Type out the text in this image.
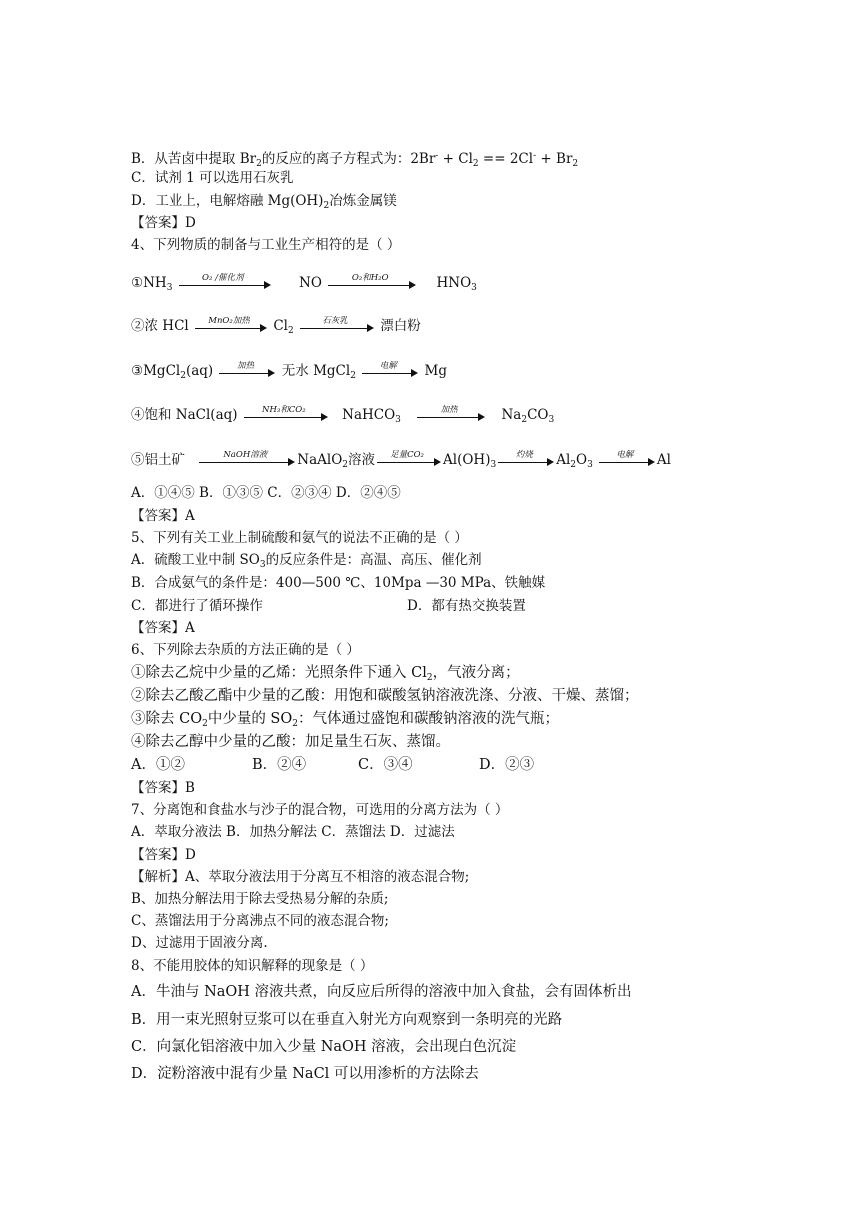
B．从苦卤中提取 $Br_2$的反应的离子方程式为：$2Br^- + Cl_2 == 2Cl^- + Br_2$
C．试剂 1 可以选用石灰乳
D．工业上，电解熔融 $Mg(OH)_2$冶炼金属镁
【答案】D
4、下列物质的制备与工业生产相符的是（ ）
$①NH_3$
O₂ /催化剂	NO	O₂和H₂O	$HNO_3$
②浓 HCl	MnO₂加热	$Cl_2$
石灰乳	漂白粉
③MgCl$_2$(aq)	加热	无水 MgCl$_2$
电解	Mg
④饱和 NaCl(aq)	NH₃和CO₂	NaHCO$_3$
加热	$Na_2CO_3$
⑤铝土矿	NaOH溶液	NaAlO$_2$溶液	足量CO₂	$Al(OH)_3$
灼烧	$Al_2O_3$
电解	Al
A．①④⑤ B．①③⑤ C．②③④ D．②④⑤
【答案】A
5、下列有关工业上制硫酸和氨气的说法不正确的是（ ）
A．硫酸工业中制 $SO_3$的反应条件是：高温、高压、催化剂
B．合成氨气的条件是：400—500 ℃、10Mpa —30 MPa、铁触媒
C．都进行了循环操作	D．都有热交换装置
【答案】A
6、下列除去杂质的方法正确的是（ ）
①除去乙烷中少量的乙烯：光照条件下通入 $Cl_2$，气液分离；
②除去乙酸乙酯中少量的乙酸：用饱和碳酸氢钠溶液洗涤、分液、干燥、蒸馏；
③除去 $CO_2$中少量的 $SO_2$：气体通过盛饱和碳酸钠溶液的洗气瓶；
④除去乙醇中少量的乙酸：加足量生石灰、蒸馏。
A．①②	B．②④	C．③④	D．②③
【答案】B
7、分离饱和食盐水与沙子的混合物，可选用的分离方法为（ ）
A．萃取分液法 B．加热分解法 C．蒸馏法 D．过滤法
【答案】D
【解析】A、萃取分液法用于分离互不相溶的液态混合物;
B、加热分解法用于除去受热易分解的杂质;
C、蒸馏法用于分离沸点不同的液态混合物;
D、过滤用于固液分离.
8、不能用胶体的知识解释的现象是（ ）
A．牛油与 NaOH 溶液共煮，向反应后所得的溶液中加入食盐，会有固体析出
B．用一束光照射豆浆可以在垂直入射光方向观察到一条明亮的光路
C．向氯化铝溶液中加入少量 NaOH 溶液，会出现白色沉淀
D．淀粉溶液中混有少量 NaCl 可以用渗析的方法除去
